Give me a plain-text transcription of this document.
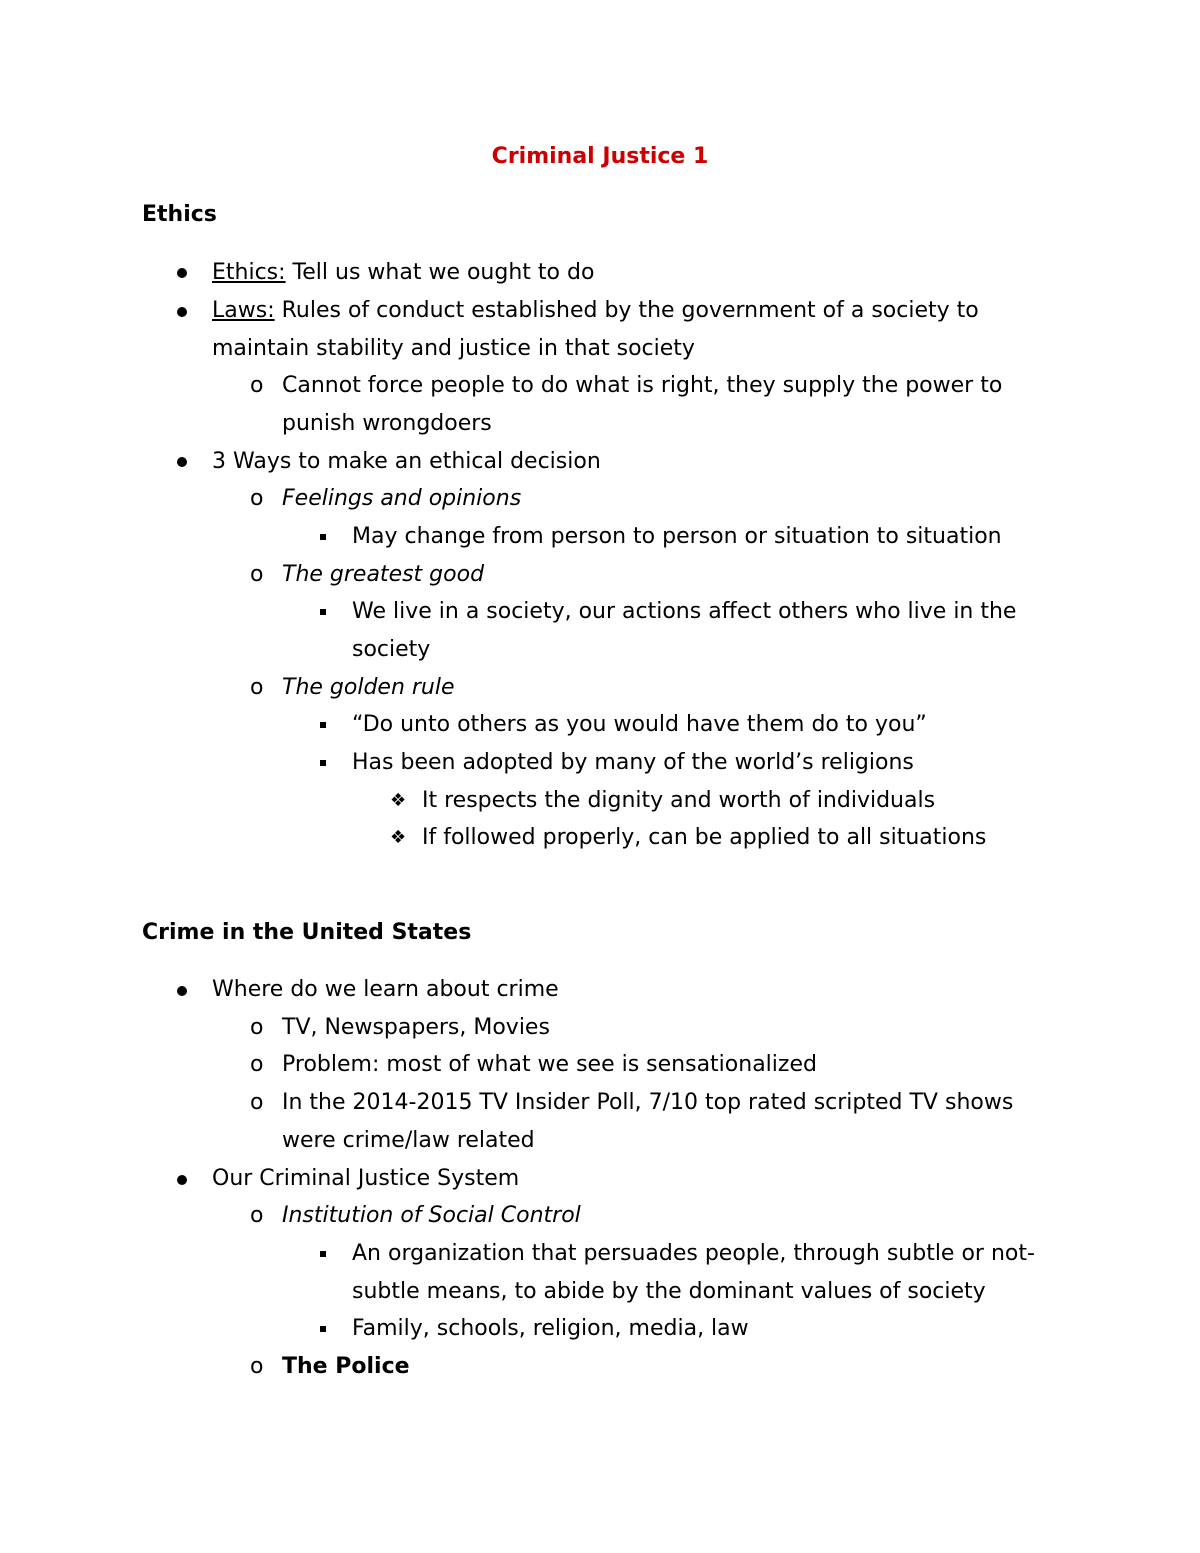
Criminal Justice 1
Ethics
Ethics: Tell us what we ought to do
Laws: Rules of conduct established by the government of a society to
maintain stability and justice in that society
o Cannot force people to do what is right, they supply the power to
punish wrongdoers
3 Ways to make an ethical decision
o Feelings and opinions
May change from person to person or situation to situation
o The greatest good
We live in a society, our actions affect others who live in the
society
o The golden rule
“Do unto others as you would have them do to you”
Has been adopted by many of the world’s religions
❖ It respects the dignity and worth of individuals
❖ If followed properly, can be applied to all situations
Crime in the United States
Where do we learn about crime
o TV, Newspapers, Movies
o Problem: most of what we see is sensationalized
o In the 2014-2015 TV Insider Poll, 7/10 top rated scripted TV shows
were crime/law related
Our Criminal Justice System
o Institution of Social Control
An organization that persuades people, through subtle or not-
subtle means, to abide by the dominant values of society
Family, schools, religion, media, law
o The Police
